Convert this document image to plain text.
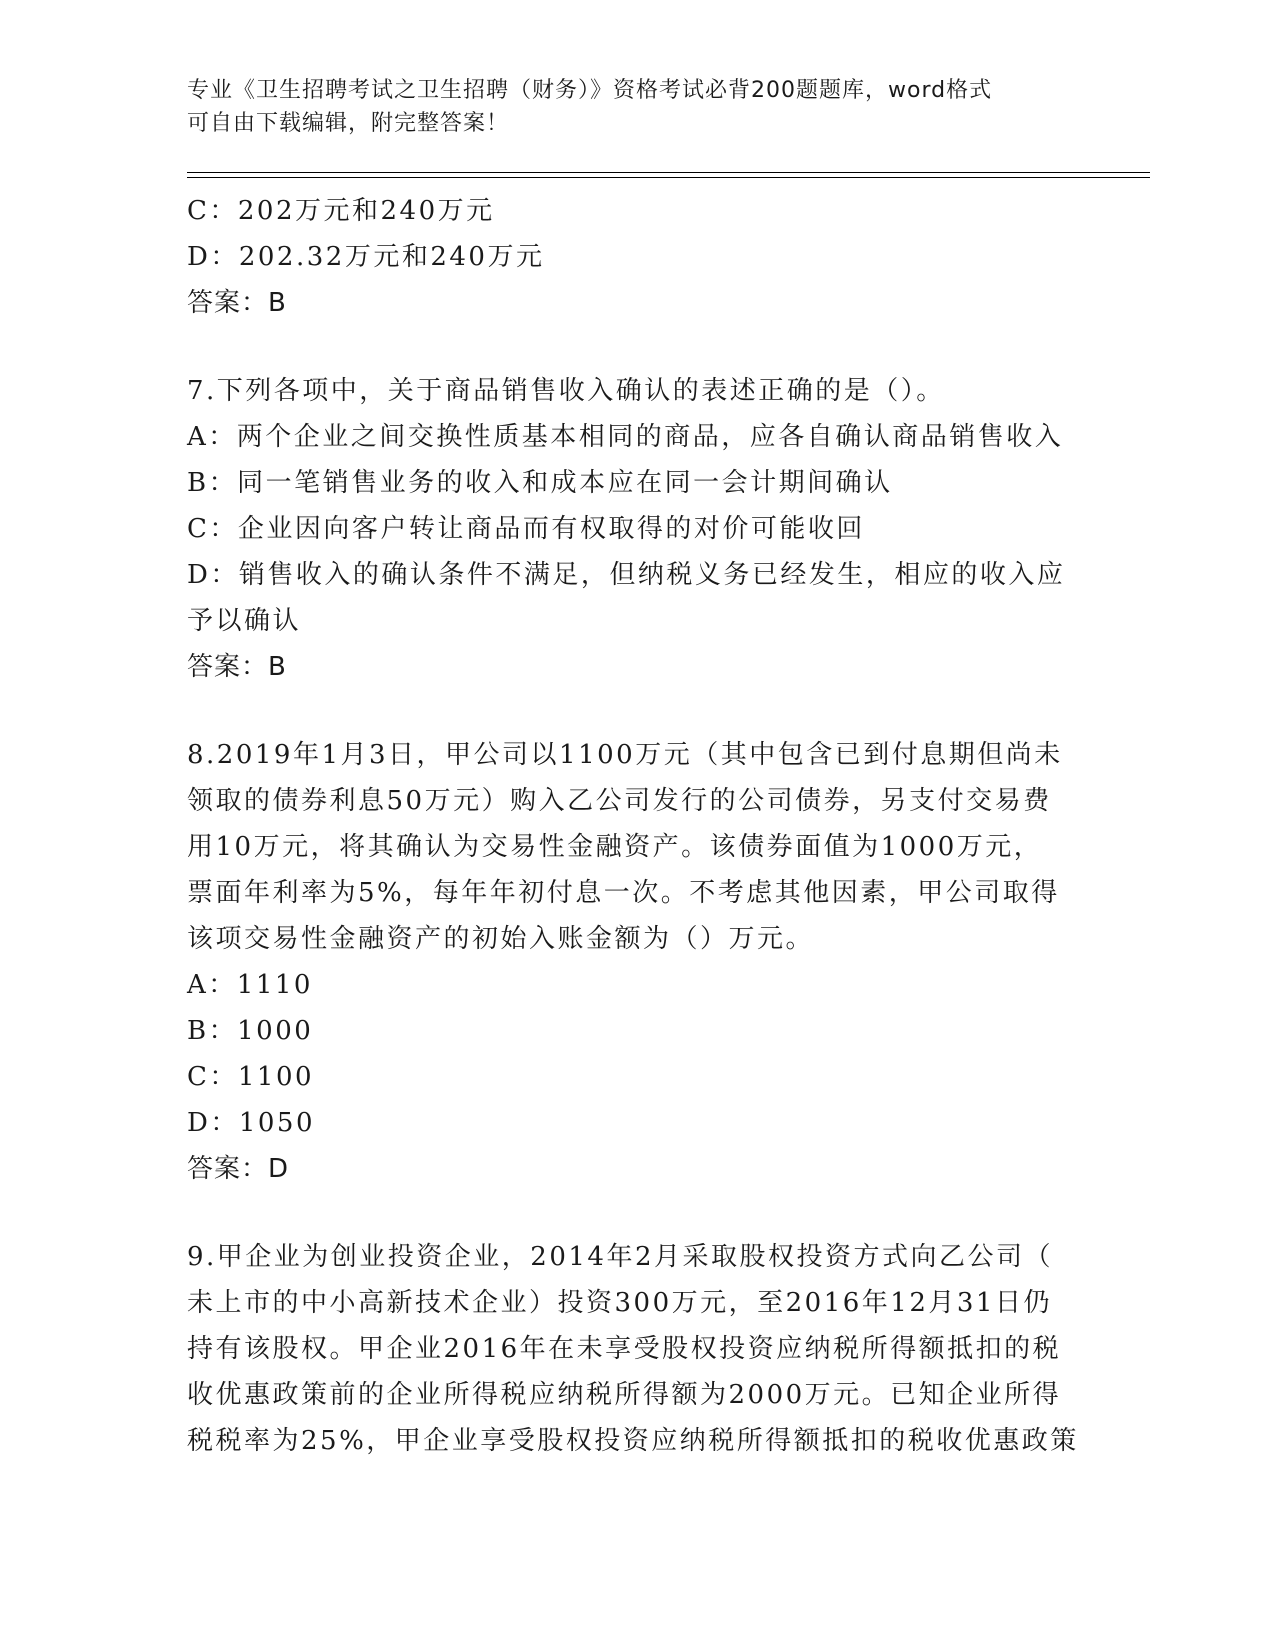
专业《卫生招聘考试之卫生招聘（财务）》资格考试必背200题题库，word格式
可自由下载编辑，附完整答案！
C：202万元和240万元
D：202.32万元和240万元
答案：B
7.下列各项中，关于商品销售收入确认的表述正确的是（）。
A：两个企业之间交换性质基本相同的商品，应各自确认商品销售收入
B：同一笔销售业务的收入和成本应在同一会计期间确认
C：企业因向客户转让商品而有权取得的对价可能收回
D：销售收入的确认条件不满足，但纳税义务已经发生，相应的收入应
予以确认
答案：B
8.2019年1月3日，甲公司以1100万元（其中包含已到付息期但尚未
领取的债券利息50万元）购入乙公司发行的公司债券，另支付交易费
用10万元，将其确认为交易性金融资产。该债券面值为1000万元，
票面年利率为5%，每年年初付息一次。不考虑其他因素，甲公司取得
该项交易性金融资产的初始入账金额为（）万元。
A：1110
B：1000
C：1100
D：1050
答案：D
9.甲企业为创业投资企业，2014年2月采取股权投资方式向乙公司（
未上市的中小高新技术企业）投资300万元，至2016年12月31日仍
持有该股权。甲企业2016年在未享受股权投资应纳税所得额抵扣的税
收优惠政策前的企业所得税应纳税所得额为2000万元。已知企业所得
税税率为25%，甲企业享受股权投资应纳税所得额抵扣的税收优惠政策
